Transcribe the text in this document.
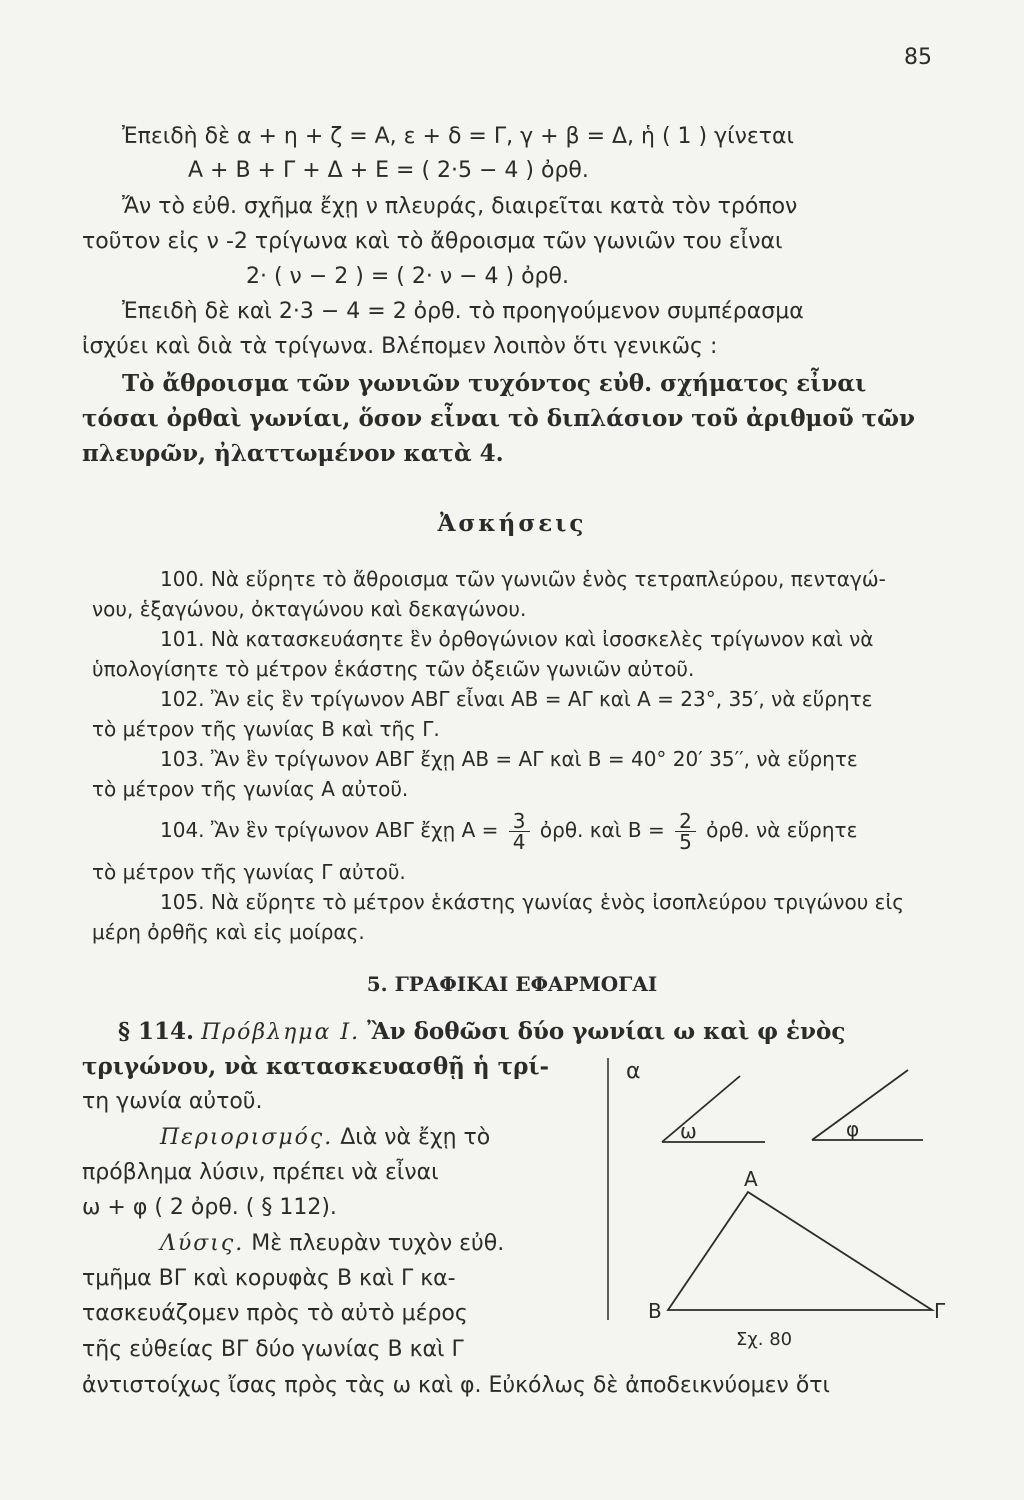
85
Ἐπειδὴ δὲ α + η + ζ = Α, ε + δ = Γ, γ + β = Δ, ἡ ( 1 ) γίνεται
Α + Β + Γ + Δ + Ε = ( 2·5 − 4 ) ὀρθ.
Ἄν τὸ εὐθ. σχῆμα ἔχῃ ν πλευράς, διαιρεῖται κατὰ τὸν τρόπον
τοῦτον εἰς ν -2 τρίγωνα καὶ τὸ ἄθροισμα τῶν γωνιῶν του εἶναι
2· ( ν − 2 ) = ( 2· ν − 4 ) ὀρθ.
Ἐπειδὴ δὲ καὶ 2·3 − 4 = 2 ὀρθ. τὸ προηγούμενον συμπέρασμα
ἰσχύει καὶ διὰ τὰ τρίγωνα. Βλέπομεν λοιπὸν ὅτι γενικῶς :
Τὸ ἄθροισμα τῶν γωνιῶν τυχόντος εὐθ. σχήματος εἶναι
τόσαι ὀρθαὶ γωνίαι, ὅσον εἶναι τὸ διπλάσιον τοῦ ἀριθμοῦ τῶν
πλευρῶν, ἠλαττωμένον κατὰ 4.
Ἀσκήσεις
100. Νὰ εὕρητε τὸ ἄθροισμα τῶν γωνιῶν ἑνὸς τετραπλεύρου, πενταγώ-
νου, ἑξαγώνου, ὀκταγώνου καὶ δεκαγώνου.
101. Νὰ κατασκευάσητε ἓν ὀρθογώνιον καὶ ἰσοσκελὲς τρίγωνον καὶ νὰ
ὑπολογίσητε τὸ μέτρον ἑκάστης τῶν ὀξειῶν γωνιῶν αὐτοῦ.
102. Ἂν εἰς ἓν τρίγωνον ΑΒΓ εἶναι ΑΒ = ΑΓ καὶ Α = 23°, 35′, νὰ εὕρητε
τὸ μέτρον τῆς γωνίας Β καὶ τῆς Γ.
103. Ἂν ἓν τρίγωνον ΑΒΓ ἔχῃ ΑΒ = ΑΓ καὶ Β = 40° 20′ 35′′, νὰ εὕρητε
τὸ μέτρον τῆς γωνίας Α αὐτοῦ.
104. Ἂν ἓν τρίγωνον ΑΒΓ ἔχῃ $A = \frac{3}{4}$ ὀρθ. καὶ $B = \frac{2}{5}$ ὀρθ. νὰ εὕρητε
τὸ μέτρον τῆς γωνίας Γ αὐτοῦ.
105. Νὰ εὕρητε τὸ μέτρον ἑκάστης γωνίας ἑνὸς ἰσοπλεύρου τριγώνου εἰς
μέρη ὀρθῆς καὶ εἰς μοίρας.
5. ΓΡΑΦΙΚΑΙ ΕΦΑΡΜΟΓΑΙ
§ 114. Πρόβλημα I. Ἂν δοθῶσι δύο γωνίαι ω καὶ φ ἑνὸς
τριγώνου, νὰ κατασκευασθῇ ἡ τρί-
τη γωνία αὐτοῦ.
Περιορισμός. Διὰ νὰ ἔχῃ τὸ
πρόβλημα λύσιν, πρέπει νὰ εἶναι
ω + φ ( 2 ὀρθ. ( § 112).
Λύσις. Μὲ πλευρὰν τυχὸν εὐθ.
τμῆμα ΒΓ καὶ κορυφὰς Β καὶ Γ κα-
τασκευάζομεν πρὸς τὸ αὐτὸ μέρος
τῆς εὐθείας ΒΓ δύο γωνίας Β καὶ Γ
ἀντιστοίχως ἴσας πρὸς τὰς ω καὶ φ. Εὐκόλως δὲ ἀποδεικνύομεν ὅτι
α
ω	φ
Α
Β	Γ
Σχ. 80
